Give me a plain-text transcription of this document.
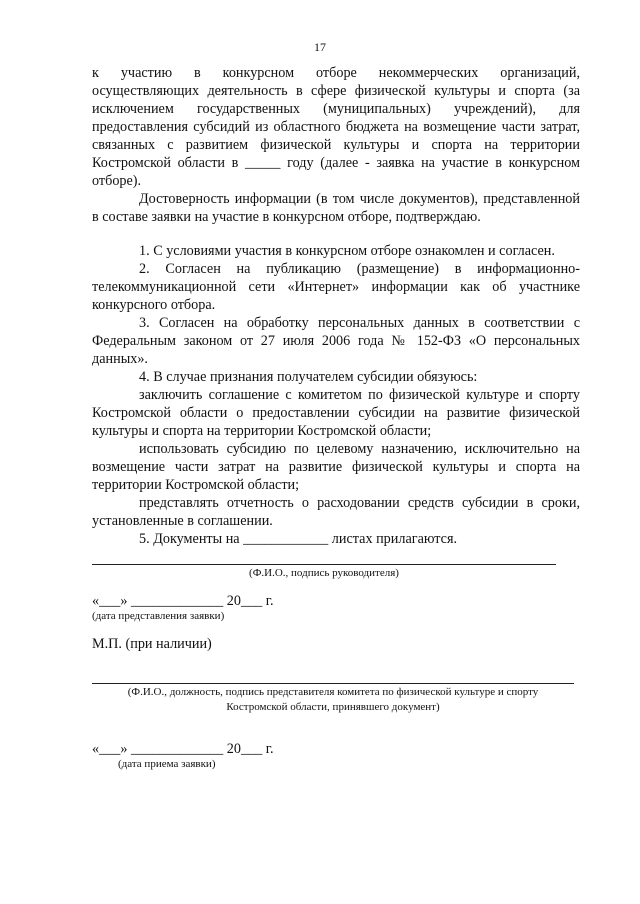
17

к участию в конкурсном отборе некоммерческих организаций, осуществляющих деятельность в сфере физической культуры и спорта (за исключением государственных (муниципальных) учреждений), для предоставления субсидий из областного бюджета на возмещение части затрат, связанных с развитием физической культуры и спорта на территории Костромской области в _____ году (далее - заявка на участие в конкурсном отборе).

Достоверность информации (в том числе документов), представленной в составе заявки на участие в конкурсном отборе, подтверждаю.

1. С условиями участия в конкурсном отборе ознакомлен и согласен.

2. Согласен на публикацию (размещение) в информационно-телекоммуникационной сети «Интернет» информации как об участнике конкурсного отбора.

3. Согласен на обработку персональных данных в соответствии с Федеральным законом от 27 июля 2006 года № 152-ФЗ «О персональных данных».

4. В случае признания получателем субсидии обязуюсь:

заключить соглашение с комитетом по физической культуре и спорту Костромской области о предоставлении субсидии на развитие физической культуры и спорта на территории Костромской области;

использовать субсидию по целевому назначению, исключительно на возмещение части затрат на развитие физической культуры и спорта на территории Костромской области;

представлять отчетность о расходовании средств субсидии в сроки, установленные в соглашении.

5. Документы на ____________ листах прилагаются.

(Ф.И.О., подпись руководителя)
«___» _____________ 20___ г.
(дата представления заявки)
М.П. (при наличии)
(Ф.И.О., должность, подпись представителя комитета по физической культуре и спорту
Костромской области, принявшего документ)
«___» _____________ 20___ г.
(дата приема заявки)
